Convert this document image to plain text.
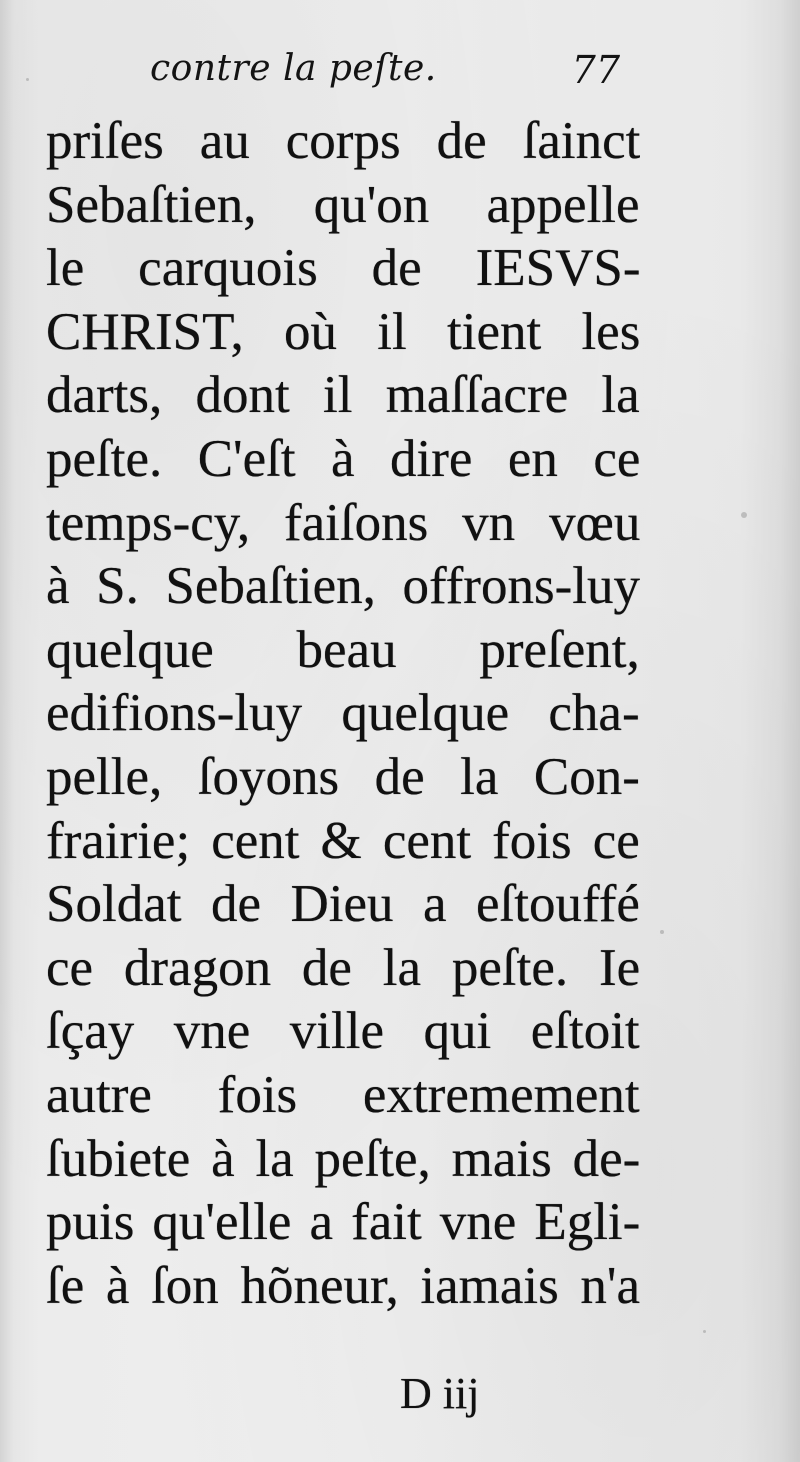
contre la peſte.	77
priſes au corps de ſainct
Sebaſtien, qu'on appelle
le carquois de IESVS-
CHRIST, où il tient les
darts, dont il maſſacre la
peſte. C'eſt à dire en ce
temps-cy, faiſons vn vœu
à S. Sebaſtien, offrons-luy
quelque beau preſent,
edifions-luy quelque cha-
pelle, ſoyons de la Con-
frairie; cent & cent fois ce
Soldat de Dieu a eſtouffé
ce dragon de la peſte. Ie
ſçay vne ville qui eſtoit
autre fois extremement
ſubiete à la peſte, mais de-
puis qu'elle a fait vne Egli-
ſe à ſon hõneur, iamais n'a
D iij
